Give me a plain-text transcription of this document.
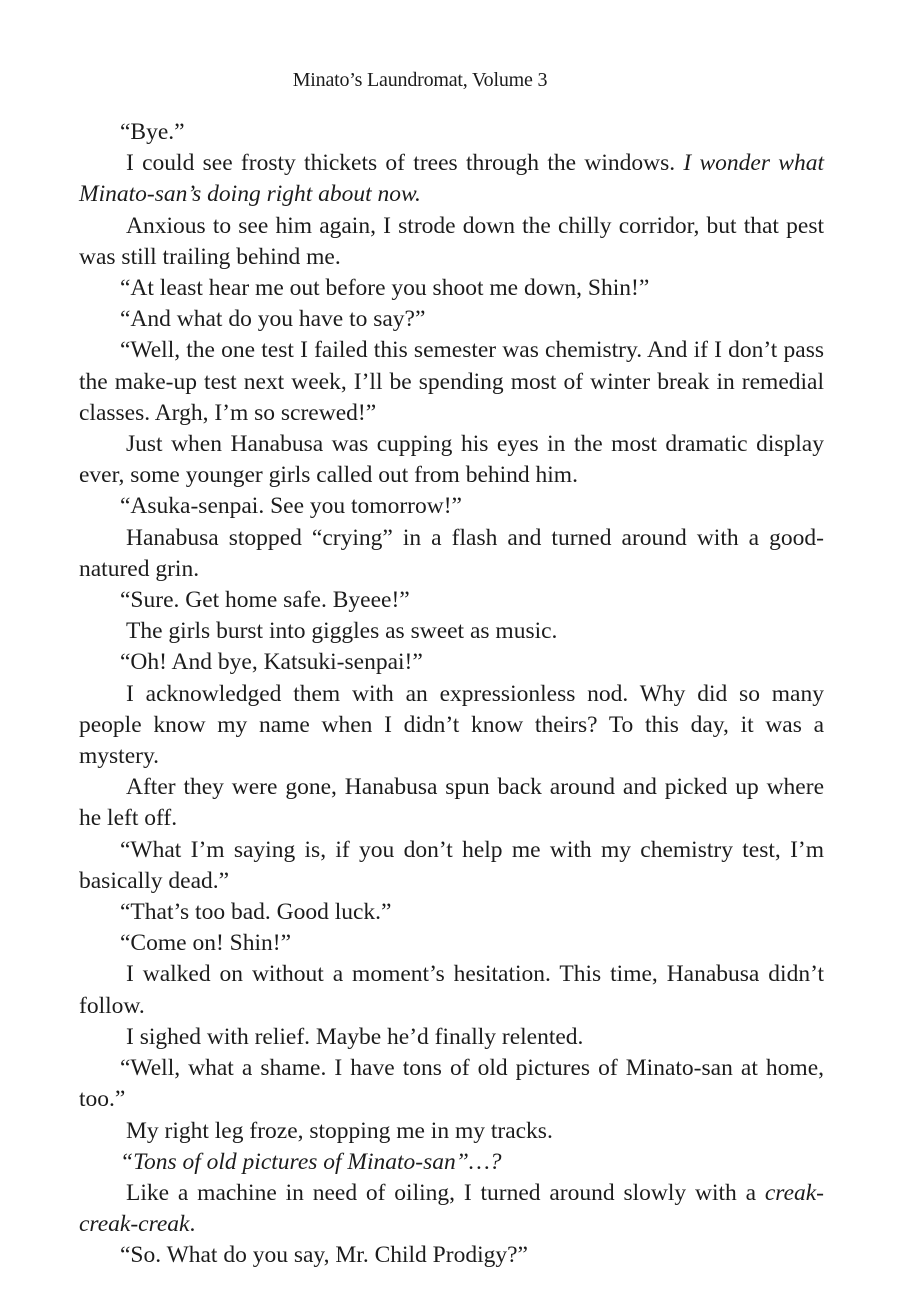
Minato’s Laundromat, Volume 3

“Bye.”

I could see frosty thickets of trees through the windows. I wonder what Minato-san’s doing right about now.

Anxious to see him again, I strode down the chilly corridor, but that pest was still trailing behind me.

“At least hear me out before you shoot me down, Shin!”

“And what do you have to say?”

“Well, the one test I failed this semester was chemistry. And if I don’t pass the make-up test next week, I’ll be spending most of winter break in remedial classes. Argh, I’m so screwed!”

Just when Hanabusa was cupping his eyes in the most dramatic display ever, some younger girls called out from behind him.

“Asuka-senpai. See you tomorrow!”

Hanabusa stopped “crying” in a flash and turned around with a good-natured grin.

“Sure. Get home safe. Byeee!”

The girls burst into giggles as sweet as music.

“Oh! And bye, Katsuki-senpai!”

I acknowledged them with an expressionless nod. Why did so many people know my name when I didn’t know theirs? To this day, it was a mystery.

After they were gone, Hanabusa spun back around and picked up where he left off.

“What I’m saying is, if you don’t help me with my chemistry test, I’m basically dead.”

“That’s too bad. Good luck.”

“Come on! Shin!”

I walked on without a moment’s hesitation. This time, Hanabusa didn’t follow.

I sighed with relief. Maybe he’d finally relented.

“Well, what a shame. I have tons of old pictures of Minato-san at home, too.”

My right leg froze, stopping me in my tracks.

“Tons of old pictures of Minato-san”…?

Like a machine in need of oiling, I turned around slowly with a creak-creak-creak.

“So. What do you say, Mr. Child Prodigy?”
